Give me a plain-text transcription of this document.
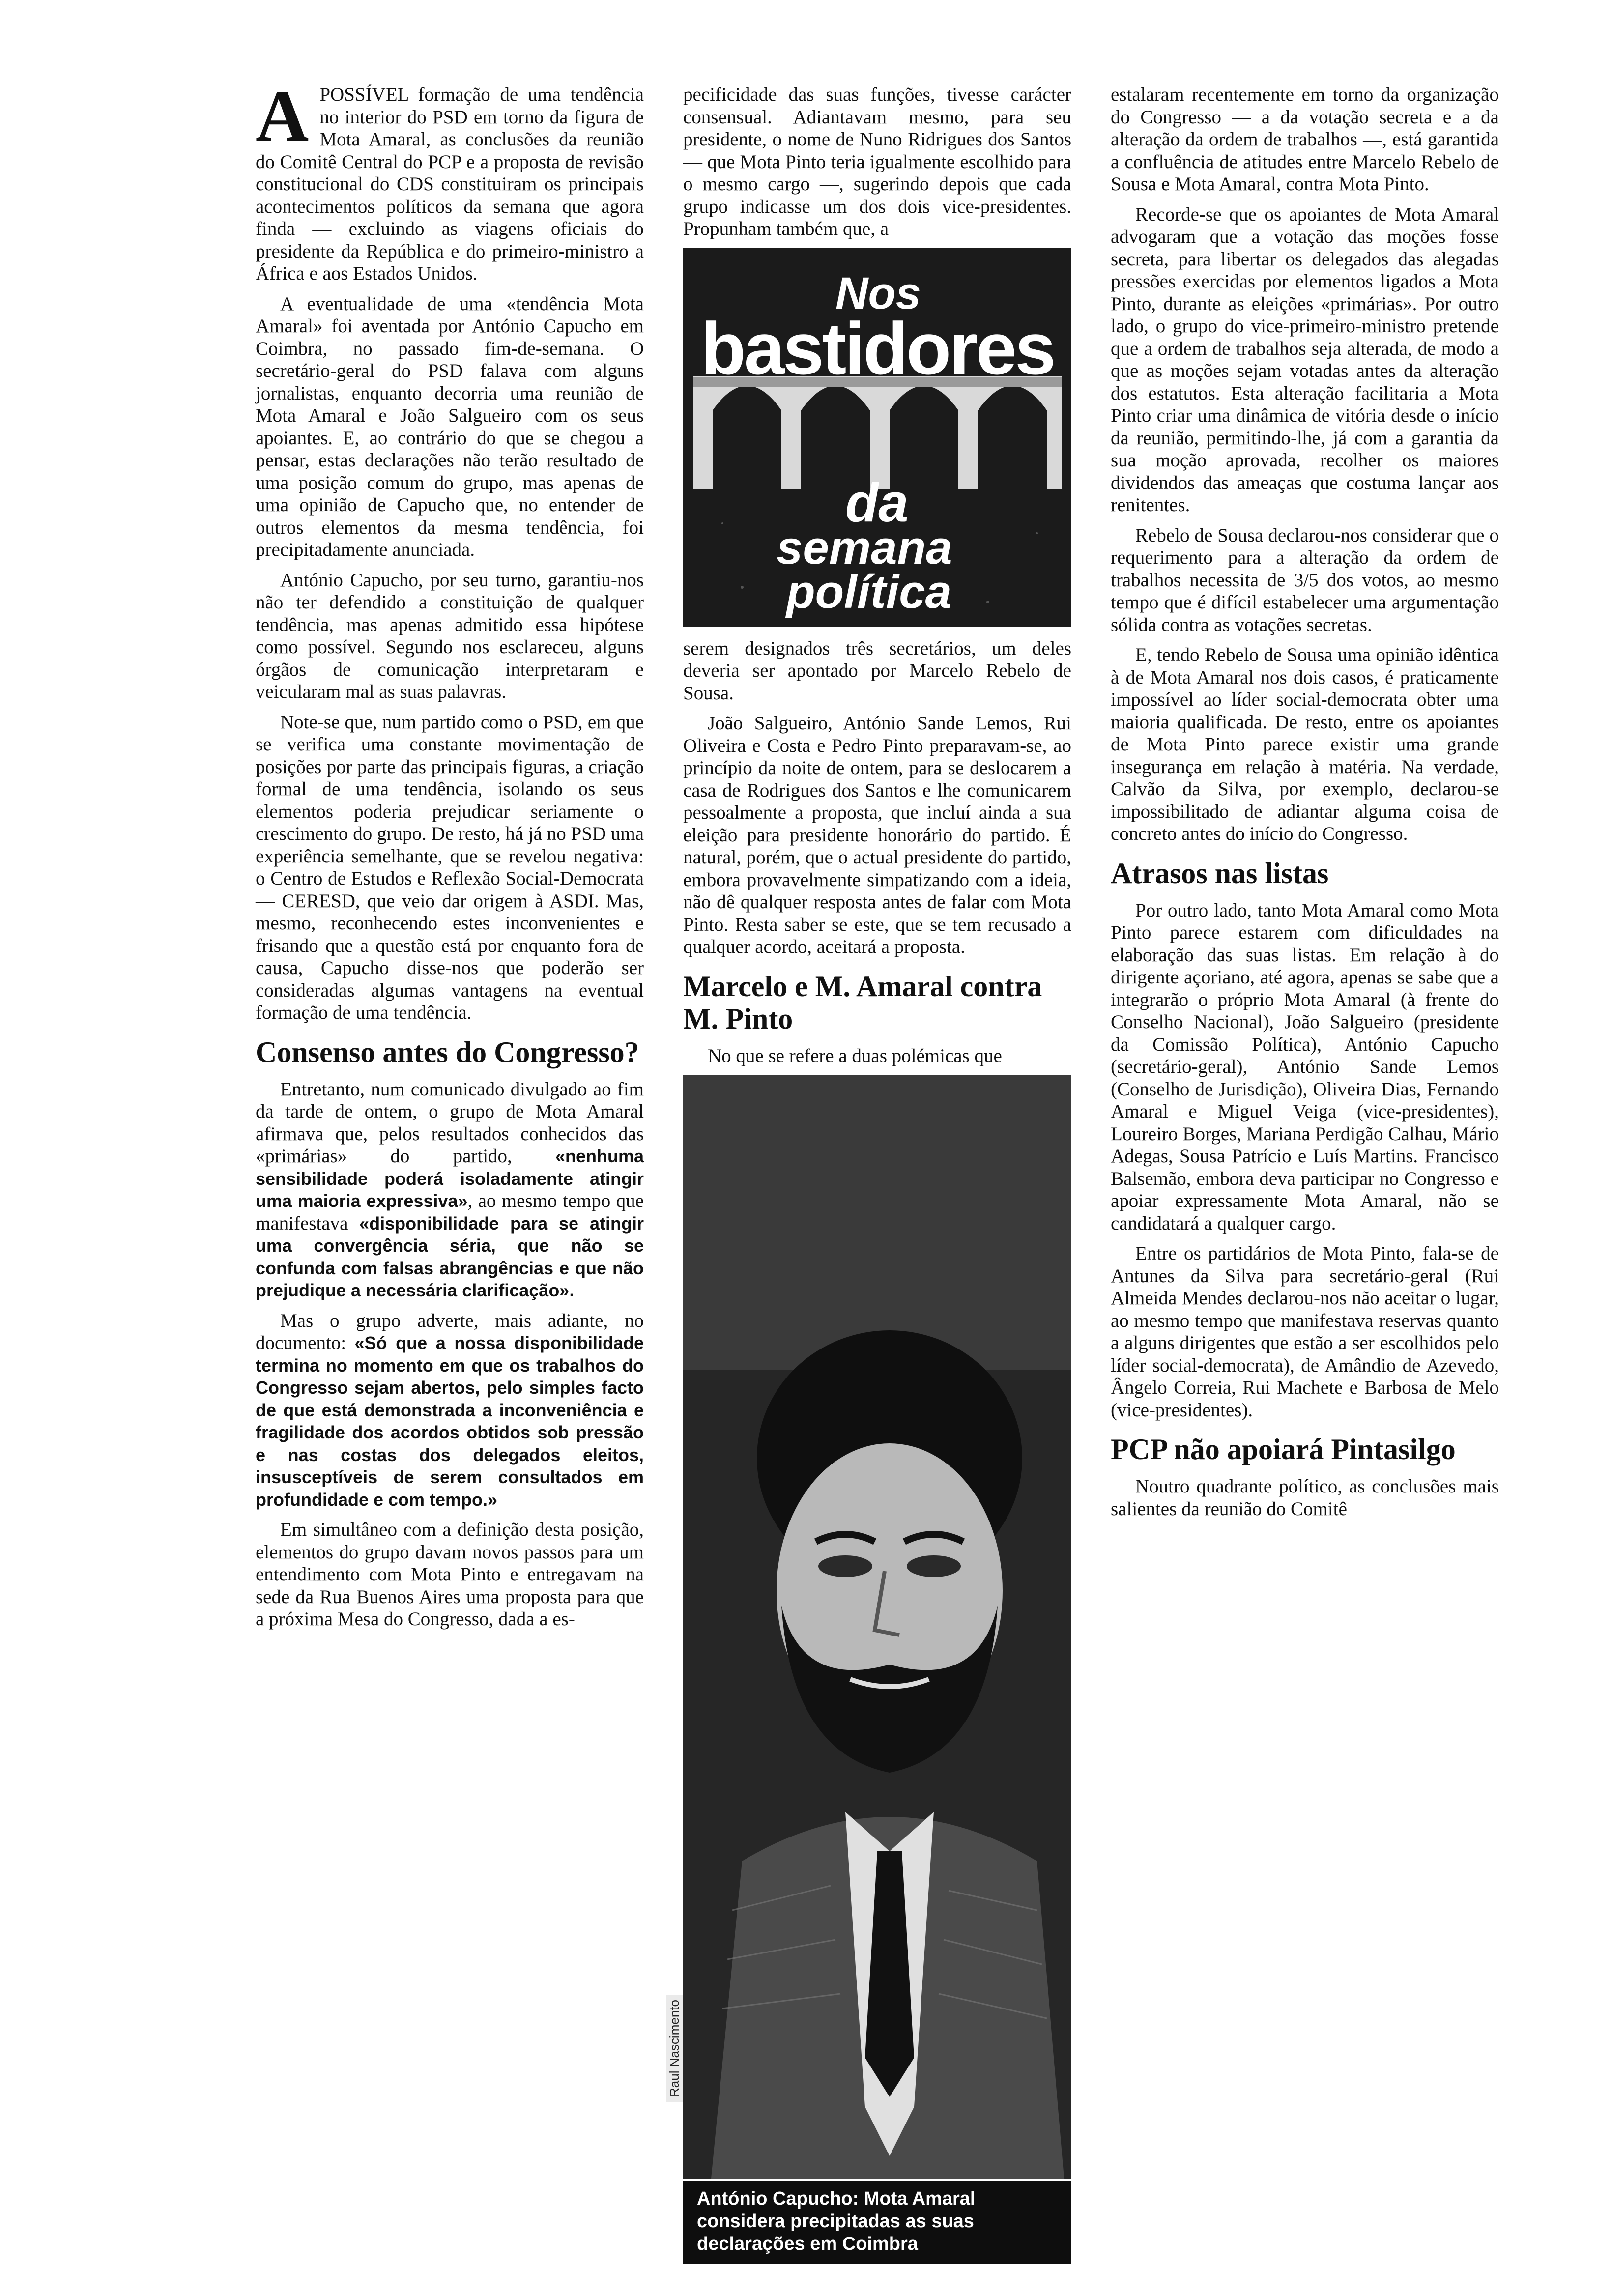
A POSSÍVEL formação de uma tendência no interior do PSD em torno da figura de Mota Amaral, as conclusões da reunião do Comitê Central do PCP e a proposta de revisão constitucional do CDS constituiram os principais acontecimentos políticos da semana que agora finda — excluindo as viagens oficiais do presidente da República e do primeiro-ministro a África e aos Estados Unidos.

A eventualidade de uma «tendência Mota Amaral» foi aventada por António Capucho em Coimbra, no passado fim-de-semana. O secretário-geral do PSD falava com alguns jornalistas, enquanto decorria uma reunião de Mota Amaral e João Salgueiro com os seus apoiantes. E, ao contrário do que se chegou a pensar, estas declarações não terão resultado de uma posição comum do grupo, mas apenas de uma opinião de Capucho que, no entender de outros elementos da mesma tendência, foi precipitadamente anunciada.

António Capucho, por seu turno, garantiu-nos não ter defendido a constituição de qualquer tendência, mas apenas admitido essa hipótese como possível. Segundo nos esclareceu, alguns órgãos de comunicação interpretaram e veicularam mal as suas palavras.

Note-se que, num partido como o PSD, em que se verifica uma constante movimentação de posições por parte das principais figuras, a criação formal de uma tendência, isolando os seus elementos poderia prejudicar seriamente o crescimento do grupo. De resto, há já no PSD uma experiência semelhante, que se revelou negativa: o Centro de Estudos e Reflexão Social-Democrata — CERESD, que veio dar origem à ASDI. Mas, mesmo, reconhecendo estes inconvenientes e frisando que a questão está por enquanto fora de causa, Capucho disse-nos que poderão ser consideradas algumas vantagens na eventual formação de uma tendência.

Consenso antes do Congresso?

Entretanto, num comunicado divulgado ao fim da tarde de ontem, o grupo de Mota Amaral afirmava que, pelos resultados conhecidos das «primárias» do partido, «nenhuma sensibilidade poderá isoladamente atingir uma maioria expressiva», ao mesmo tempo que manifestava «disponibilidade para se atingir uma convergência séria, que não se confunda com falsas abrangências e que não prejudique a necessária clarificação».

Mas o grupo adverte, mais adiante, no documento: «Só que a nossa disponibilidade termina no momento em que os trabalhos do Congresso sejam abertos, pelo simples facto de que está demonstrada a inconveniência e fragilidade dos acordos obtidos sob pressão e nas costas dos delegados eleitos, insusceptíveis de serem consultados em profundidade e com tempo.»

Em simultâneo com a definição desta posição, elementos do grupo davam novos passos para um entendimento com Mota Pinto e entregavam na sede da Rua Buenos Aires uma proposta para que a próxima Mesa do Congresso, dada a es-

pecificidade das suas funções, tivesse carácter consensual. Adiantavam mesmo, para seu presidente, o nome de Nuno Ridrigues dos Santos — que Mota Pinto teria igualmente escolhido para o mesmo cargo —, sugerindo depois que cada grupo indicasse um dos dois vice-presidentes. Propunham também que, a

Nos
bastidores
da
semana
política

serem designados três secretários, um deles deveria ser apontado por Marcelo Rebelo de Sousa.

João Salgueiro, António Sande Lemos, Rui Oliveira e Costa e Pedro Pinto preparavam-se, ao princípio da noite de ontem, para se deslocarem a casa de Rodrigues dos Santos e lhe comunicarem pessoalmente a proposta, que incluí ainda a sua eleição para presidente honorário do partido. É natural, porém, que o actual presidente do partido, embora provavelmente simpatizando com a ideia, não dê qualquer resposta antes de falar com Mota Pinto. Resta saber se este, que se tem recusado a qualquer acordo, aceitará a proposta.

Marcelo e M. Amaral contra M. Pinto

No que se refere a duas polémicas que

Raul Nascimento
António Capucho: Mota Amaral considera precipitadas as suas declarações em Coimbra

estalaram recentemente em torno da organização do Congresso — a da votação secreta e a da alteração da ordem de trabalhos —, está garantida a confluência de atitudes entre Marcelo Rebelo de Sousa e Mota Amaral, contra Mota Pinto.

Recorde-se que os apoiantes de Mota Amaral advogaram que a votação das moções fosse secreta, para libertar os delegados das alegadas pressões exercidas por elementos ligados a Mota Pinto, durante as eleições «primárias». Por outro lado, o grupo do vice-primeiro-ministro pretende que a ordem de trabalhos seja alterada, de modo a que as moções sejam votadas antes da alteração dos estatutos. Esta alteração facilitaria a Mota Pinto criar uma dinâmica de vitória desde o início da reunião, permitindo-lhe, já com a garantia da sua moção aprovada, recolher os maiores dividendos das ameaças que costuma lançar aos renitentes.

Rebelo de Sousa declarou-nos considerar que o requerimento para a alteração da ordem de trabalhos necessita de 3/5 dos votos, ao mesmo tempo que é difícil estabelecer uma argumentação sólida contra as votações secretas.

E, tendo Rebelo de Sousa uma opinião idêntica à de Mota Amaral nos dois casos, é praticamente impossível ao líder social-democrata obter uma maioria qualificada. De resto, entre os apoiantes de Mota Pinto parece existir uma grande insegurança em relação à matéria. Na verdade, Calvão da Silva, por exemplo, declarou-se impossibilitado de adiantar alguma coisa de concreto antes do início do Congresso.

Atrasos nas listas

Por outro lado, tanto Mota Amaral como Mota Pinto parece estarem com dificuldades na elaboração das suas listas. Em relação à do dirigente açoriano, até agora, apenas se sabe que a integrarão o próprio Mota Amaral (à frente do Conselho Nacional), João Salgueiro (presidente da Comissão Política), António Capucho (secretário-geral), António Sande Lemos (Conselho de Jurisdição), Oliveira Dias, Fernando Amaral e Miguel Veiga (vice-presidentes), Loureiro Borges, Mariana Perdigão Calhau, Mário Adegas, Sousa Patrício e Luís Martins. Francisco Balsemão, embora deva participar no Congresso e apoiar expressamente Mota Amaral, não se candidatará a qualquer cargo.

Entre os partidários de Mota Pinto, fala-se de Antunes da Silva para secretário-geral (Rui Almeida Mendes declarou-nos não aceitar o lugar, ao mesmo tempo que manifestava reservas quanto a alguns dirigentes que estão a ser escolhidos pelo líder social-democrata), de Amândio de Azevedo, Ângelo Correia, Rui Machete e Barbosa de Melo (vice-presidentes).

PCP não apoiará Pintasilgo

Noutro quadrante político, as conclusões mais salientes da reunião do Comitê
